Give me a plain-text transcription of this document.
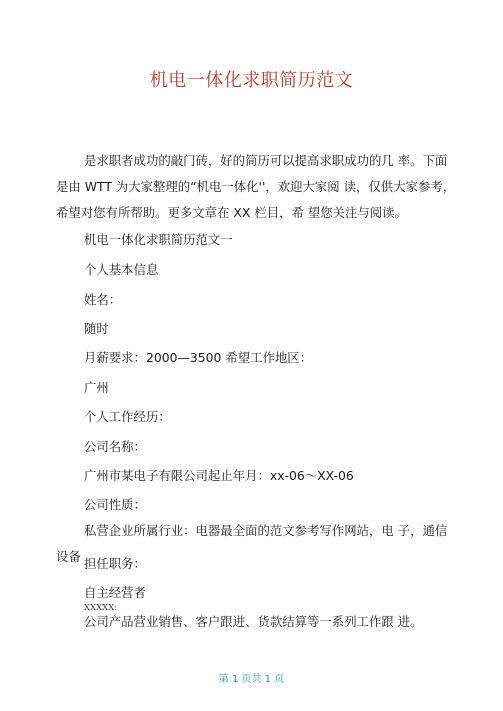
机电一体化求职简历范文

是求职者成功的敲门砖，好的简历可以提高求职成功的几 率。下面是由 WTT 为大家整理的“机电一体化''，欢迎大家阅 读，仅供大家参考，希望对您有所帮助。更多文章在 XX 栏目，希 望您关注与阅读。

机电一体化求职简历范文一

个人基本信息

姓名：

随时

月薪要求：2000—3500 希望工作地区：

广州

个人工作经历：

公司名称：

广州市某电子有限公司起止年月：xx-06～XX-06

公司性质：

私营企业所属行业：电器最全面的范文参考写作网站，电 子，通信设备 担任职务：

自主经营者

XXXXX:

公司产品营业销售、客户跟进、货款结算等一系列工作跟 进。

第 1 页共 1 页
